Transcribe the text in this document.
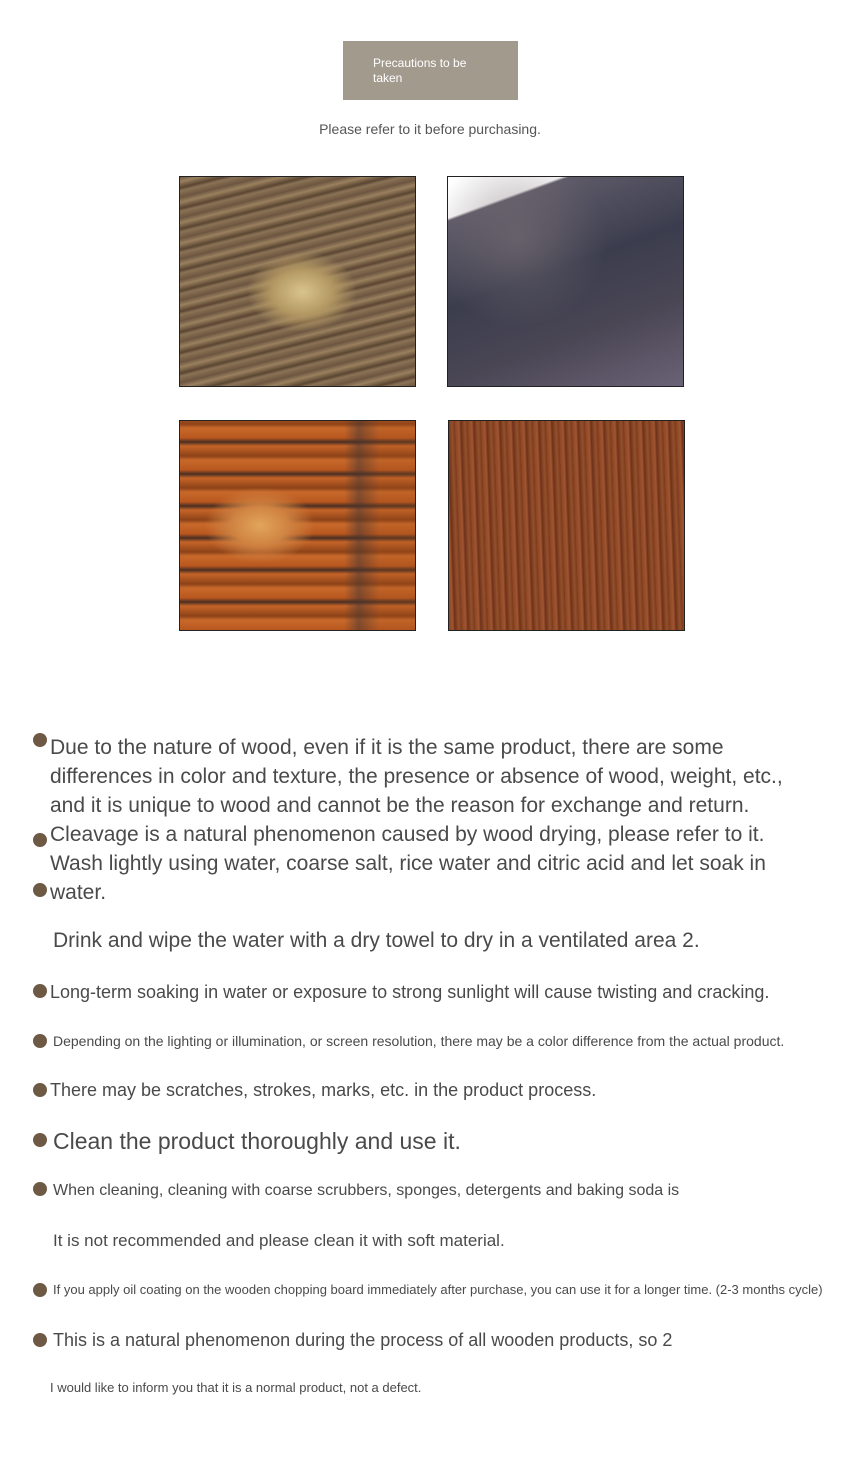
Precautions to be taken
Please refer to it before purchasing.
Due to the nature of wood, even if it is the same product, there are some
differences in color and texture, the presence or absence of wood, weight, etc.,
and it is unique to wood and cannot be the reason for exchange and return.
Cleavage is a natural phenomenon caused by wood drying, please refer to it.
Wash lightly using water, coarse salt, rice water and citric acid and let soak in
water.
Drink and wipe the water with a dry towel to dry in a ventilated area 2.
Long-term soaking in water or exposure to strong sunlight will cause twisting and cracking.
Depending on the lighting or illumination, or screen resolution, there may be a color difference from the actual product.
There may be scratches, strokes, marks, etc. in the product process.
Clean the product thoroughly and use it.
When cleaning, cleaning with coarse scrubbers, sponges, detergents and baking soda is
It is not recommended and please clean it with soft material.
If you apply oil coating on the wooden chopping board immediately after purchase, you can use it for a longer time. (2-3 months cycle)
This is a natural phenomenon during the process of all wooden products, so 2
I would like to inform you that it is a normal product, not a defect.
